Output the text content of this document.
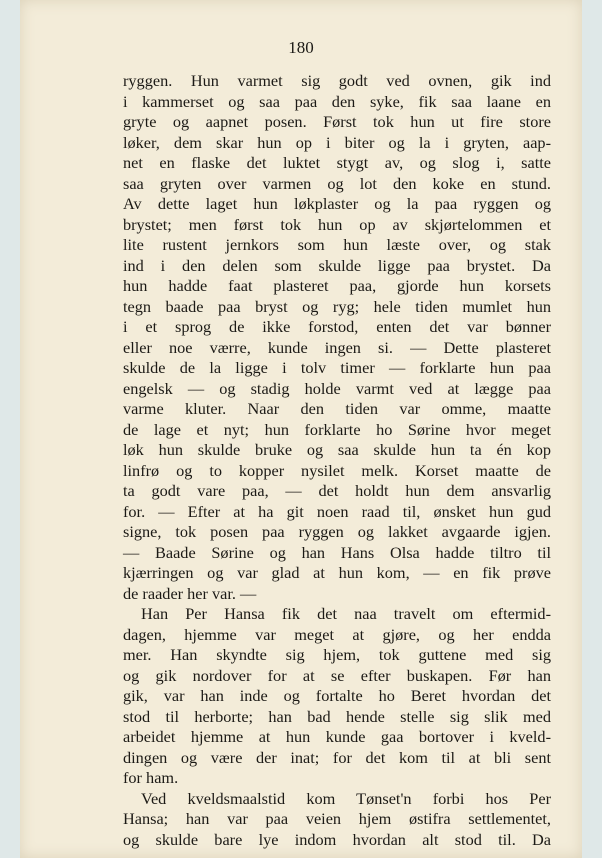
180
ryggen. Hun varmet sig godt ved ovnen, gik ind
i kammerset og saa paa den syke, fik saa laane en
gryte og aapnet posen. Først tok hun ut fire store
løker, dem skar hun op i biter og la i gryten, aap-
net en flaske det luktet stygt av, og slog i, satte
saa gryten over varmen og lot den koke en stund.
Av dette laget hun løkplaster og la paa ryggen og
brystet; men først tok hun op av skjørtelommen et
lite rustent jernkors som hun læste over, og stak
ind i den delen som skulde ligge paa brystet. Da
hun hadde faat plasteret paa, gjorde hun korsets
tegn baade paa bryst og ryg; hele tiden mumlet hun
i et sprog de ikke forstod, enten det var bønner
eller noe værre, kunde ingen si. — Dette plasteret
skulde de la ligge i tolv timer — forklarte hun paa
engelsk — og stadig holde varmt ved at lægge paa
varme kluter. Naar den tiden var omme, maatte
de lage et nyt; hun forklarte ho Sørine hvor meget
løk hun skulde bruke og saa skulde hun ta én kop
linfrø og to kopper nysilet melk. Korset maatte de
ta godt vare paa, — det holdt hun dem ansvarlig
for. — Efter at ha git noen raad til, ønsket hun gud
signe, tok posen paa ryggen og lakket avgaarde igjen.
— Baade Sørine og han Hans Olsa hadde tiltro til
kjærringen og var glad at hun kom, — en fik prøve
de raader her var. —
Han Per Hansa fik det naa travelt om eftermid-
dagen, hjemme var meget at gjøre, og her endda
mer. Han skyndte sig hjem, tok guttene med sig
og gik nordover for at se efter buskapen. Før han
gik, var han inde og fortalte ho Beret hvordan det
stod til herborte; han bad hende stelle sig slik med
arbeidet hjemme at hun kunde gaa bortover i kveld-
dingen og være der inat; for det kom til at bli sent
for ham.
Ved kveldsmaalstid kom Tønset'n forbi hos Per
Hansa; han var paa veien hjem østifra settlementet,
og skulde bare lye indom hvordan alt stod til. Da
